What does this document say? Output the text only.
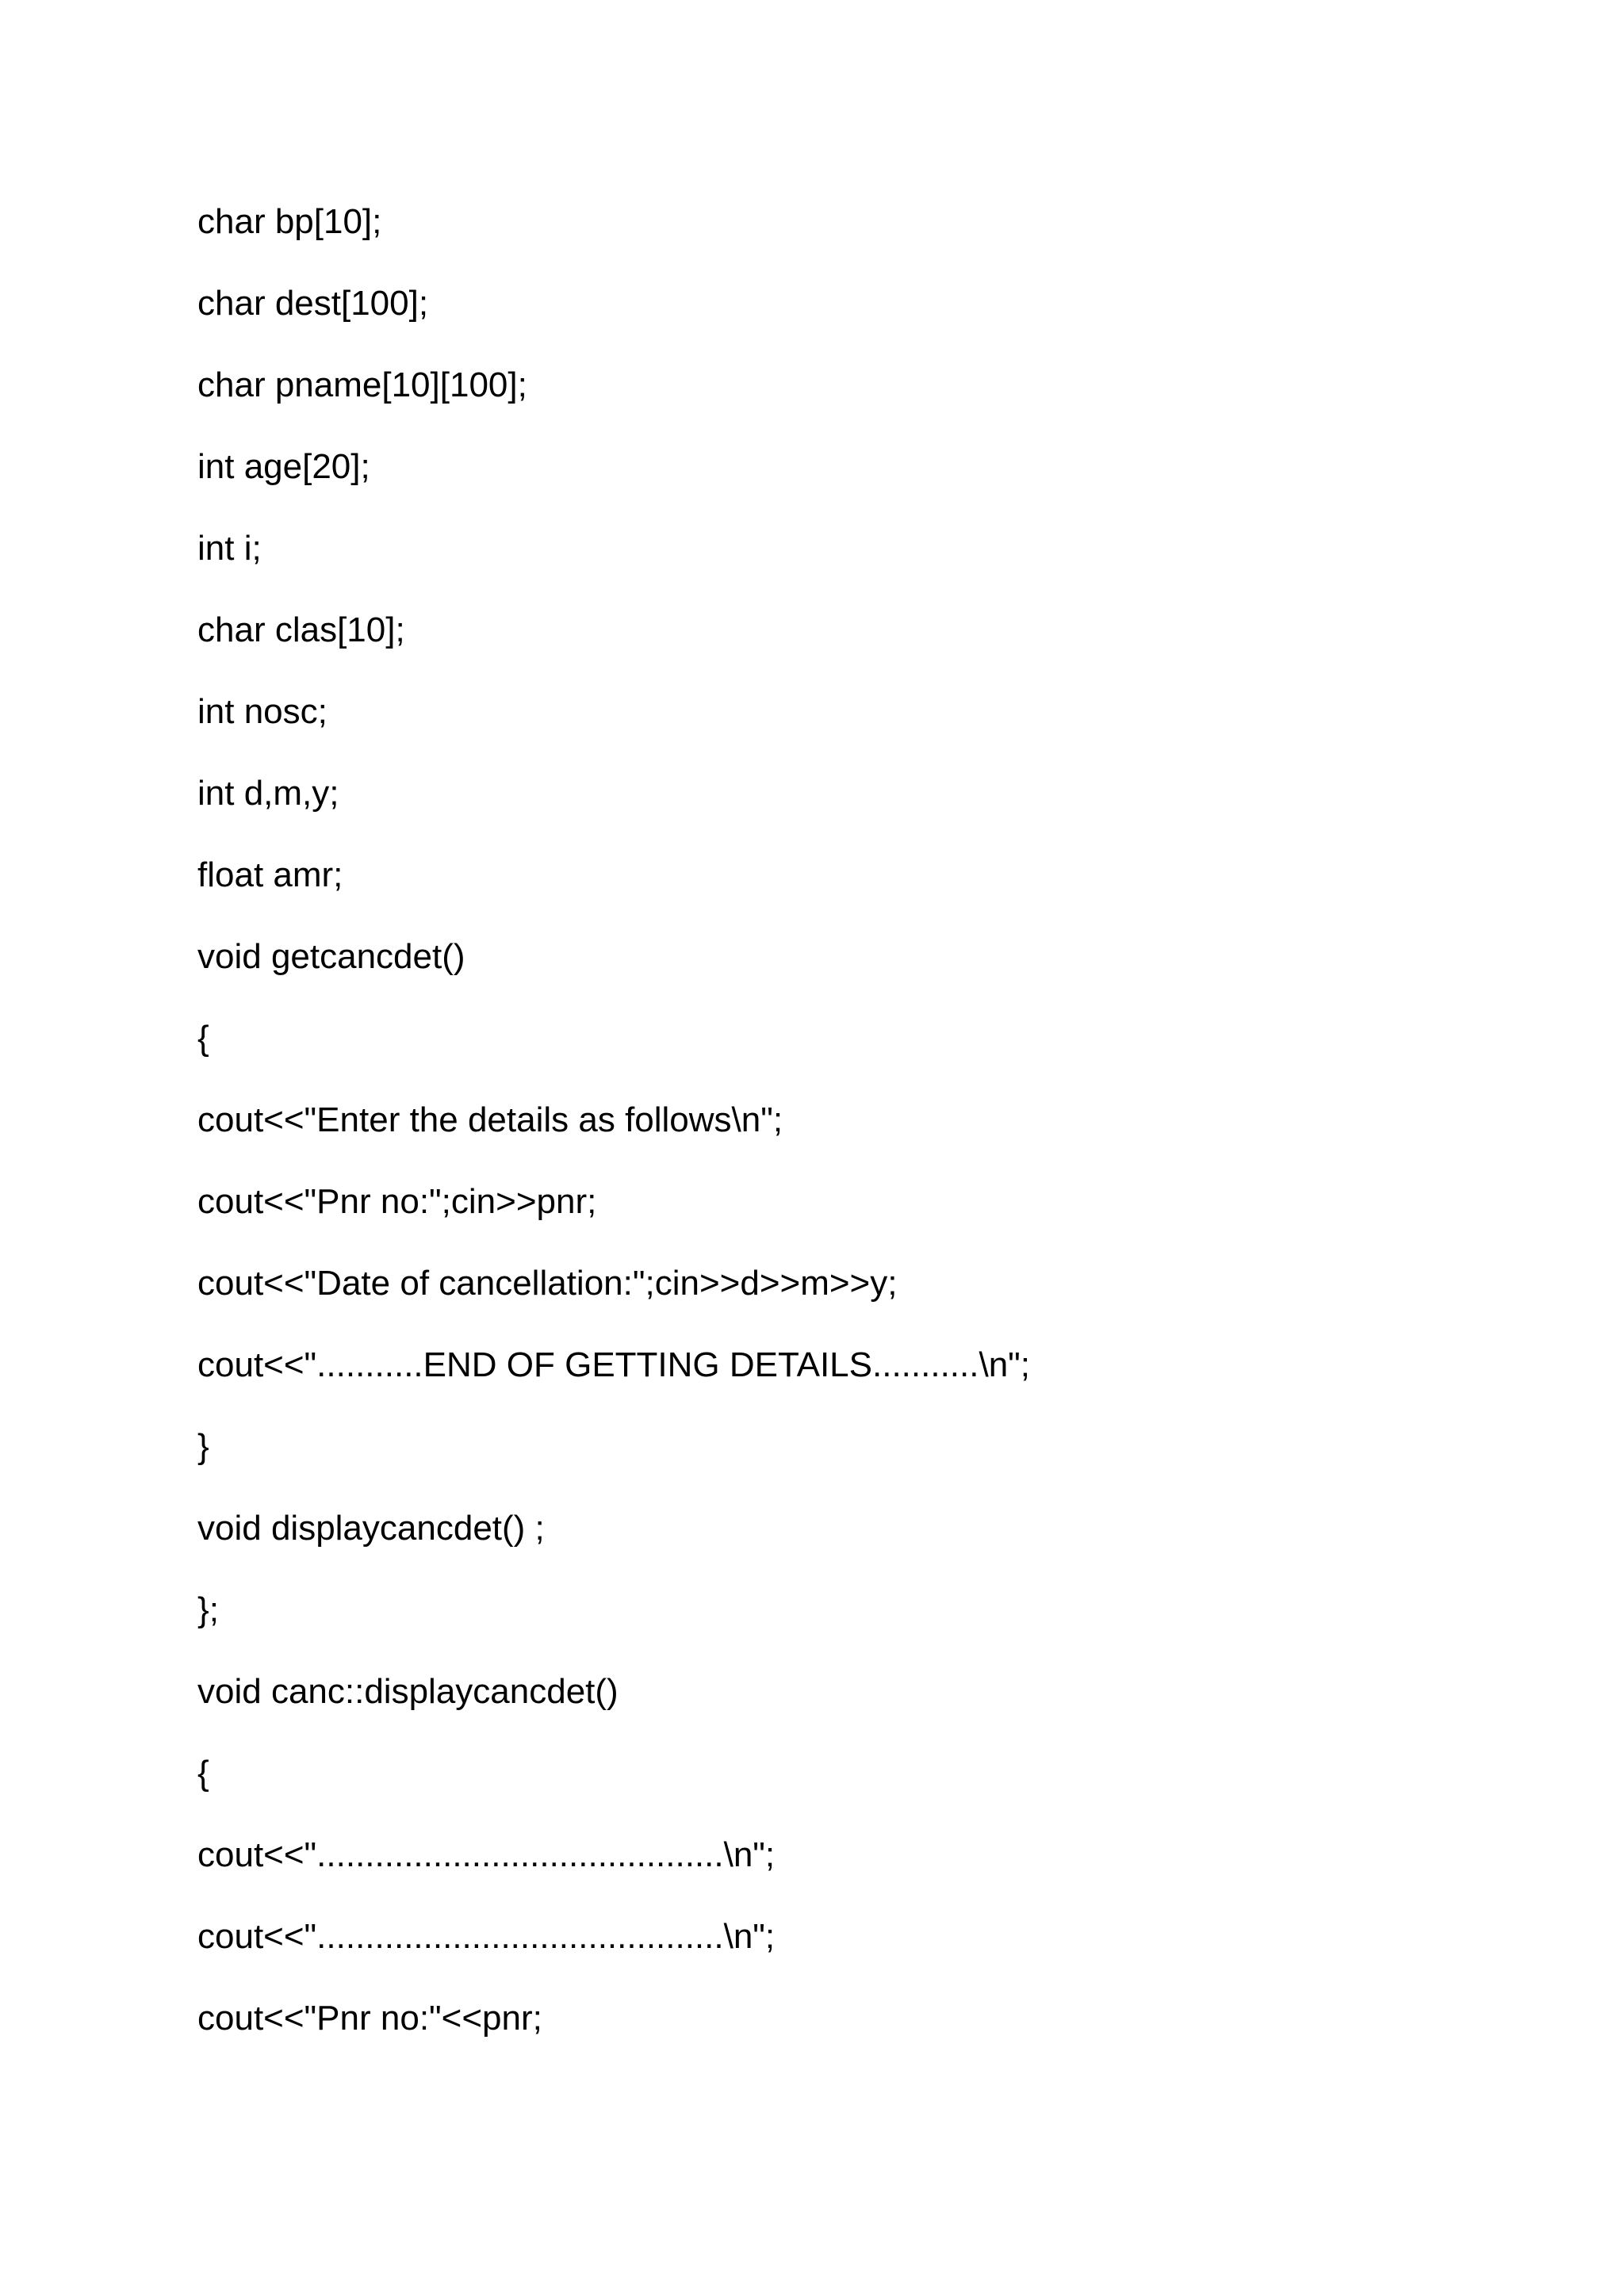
char bp[10];

char dest[100];

char pname[10][100];

int age[20];

int i;

char clas[10];

int nosc;

int d,m,y;

float amr;

void getcancdet()

{

cout<<"Enter the details as follows\n";

cout<<"Pnr no:";cin>>pnr;

cout<<"Date of cancellation:";cin>>d>>m>>y;

cout<<"...........END OF GETTING DETAILS...........\n";

}

void displaycancdet() ;

};

void canc::displaycancdet()

{

cout<<"..........................................\n";

cout<<"..........................................\n";

cout<<"Pnr no:"<<pnr;
